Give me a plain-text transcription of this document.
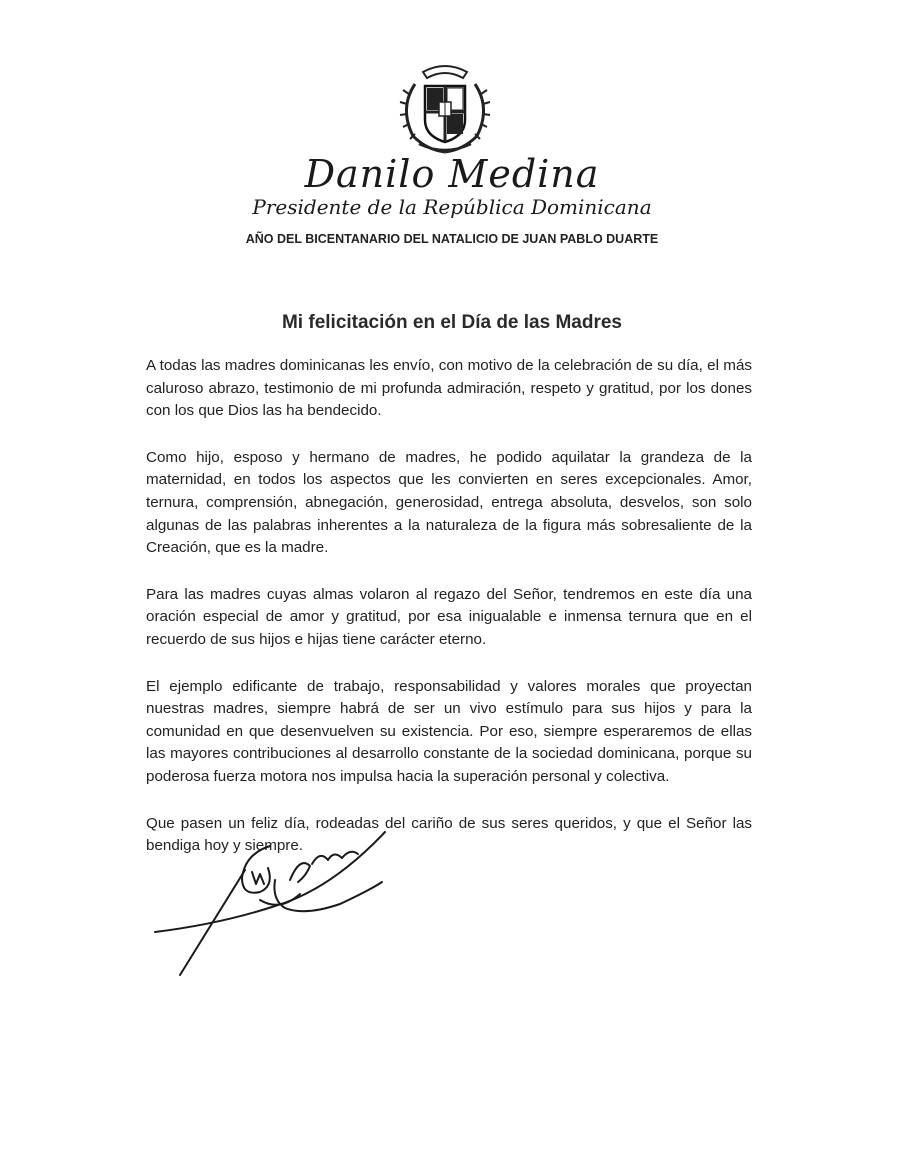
Danilo Medina
Presidente de la República Dominicana
AÑO DEL BICENTANARIO DEL NATALICIO DE JUAN PABLO DUARTE
Mi felicitación en el Día de las Madres

A todas las madres dominicanas les envío, con motivo de la celebración de su día, el más caluroso abrazo, testimonio de mi profunda admiración, respeto y gratitud, por los dones con los que Dios las ha bendecido.

Como hijo, esposo y hermano de madres, he podido aquilatar la grandeza de la maternidad, en todos los aspectos que les convierten en seres excepcionales. Amor, ternura, comprensión, abnegación, generosidad, entrega absoluta, desvelos, son solo algunas de las palabras inherentes a la naturaleza de la figura más sobresaliente de la Creación, que es la madre.

Para las madres cuyas almas volaron al regazo del Señor, tendremos en este día una oración especial de amor y gratitud, por esa inigualable e inmensa ternura que en el recuerdo de sus hijos e hijas tiene carácter eterno.

El ejemplo edificante de trabajo, responsabilidad y valores morales que proyectan nuestras madres, siempre habrá de ser un vivo estímulo para sus hijos y para la comunidad en que desenvuelven su existencia. Por eso, siempre esperaremos de ellas las mayores contribuciones al desarrollo constante de la sociedad dominicana, porque su poderosa fuerza motora nos impulsa hacia la superación personal y colectiva.

Que pasen un feliz día, rodeadas del cariño de sus seres queridos, y que el Señor las bendiga hoy y siempre.
